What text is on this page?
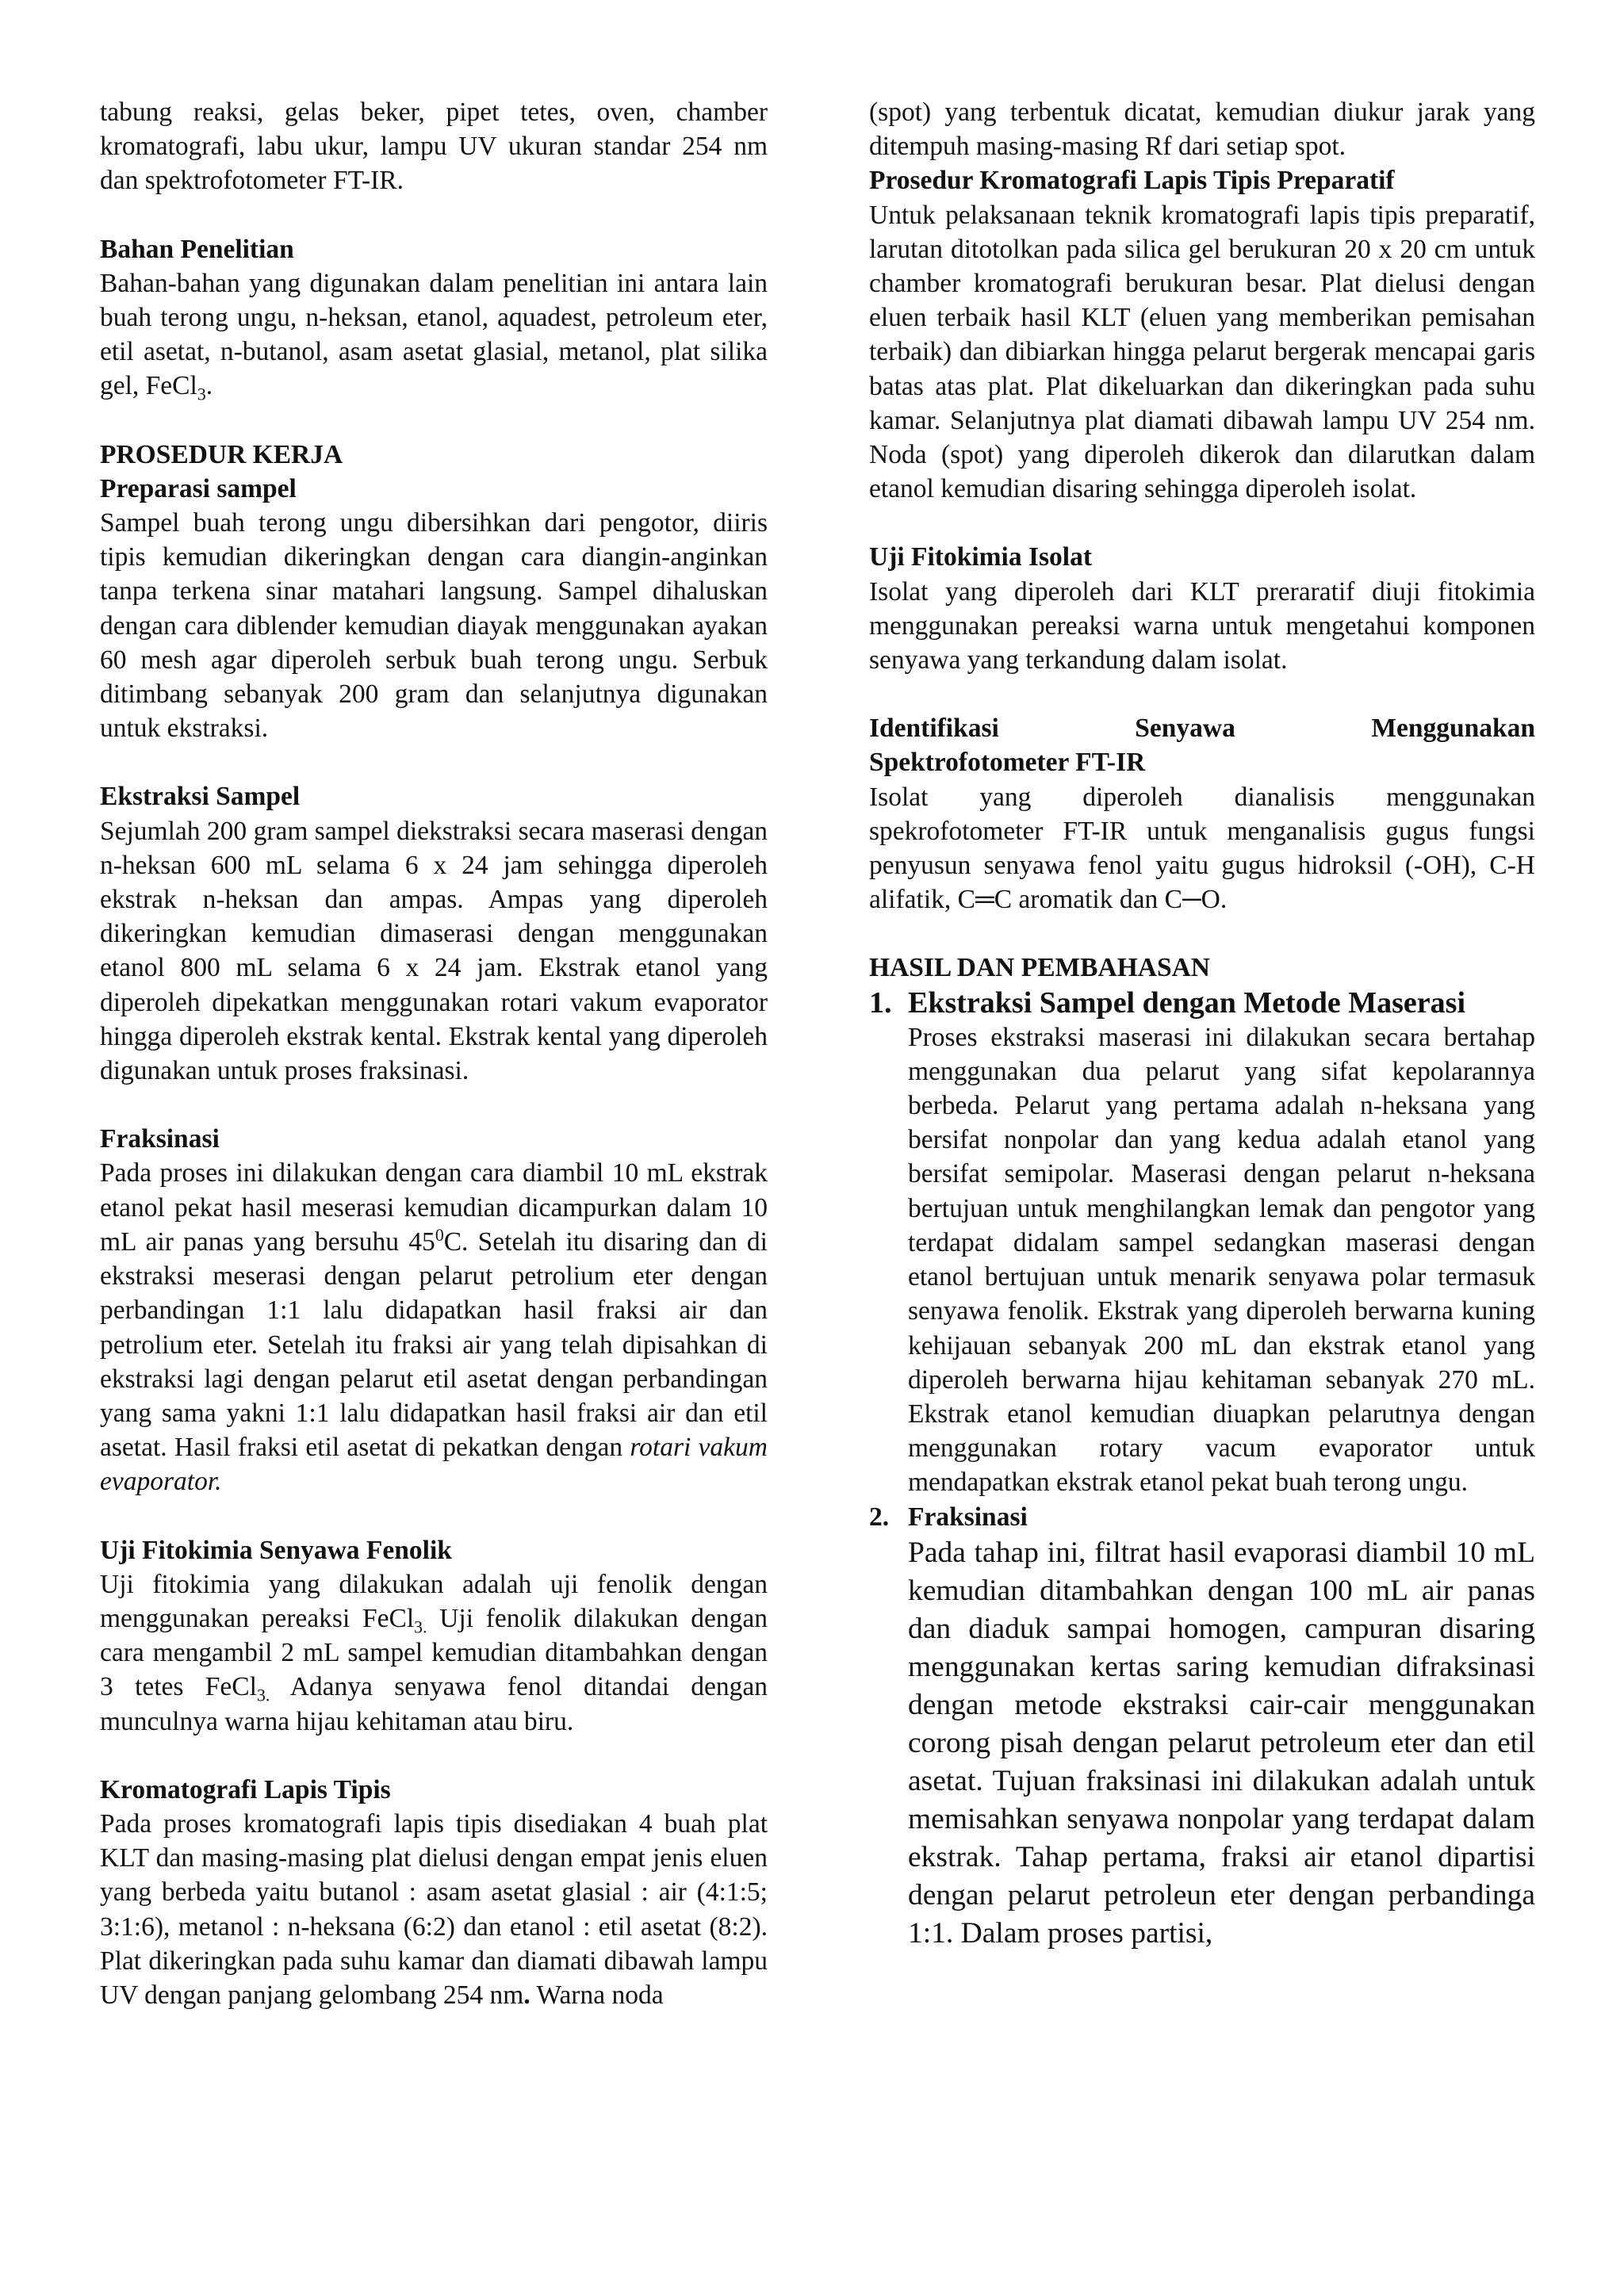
tabung reaksi, gelas beker, pipet tetes, oven, chamber kromatografi, labu ukur, lampu UV ukuran standar 254 nm dan spektrofotometer FT-IR.

Bahan Penelitian

Bahan-bahan yang digunakan dalam penelitian ini antara lain buah terong ungu, n-heksan, etanol, aquadest, petroleum eter, etil asetat, n-butanol, asam asetat glasial, metanol, plat silika gel, FeCl$_3$.

PROSEDUR KERJA
Preparasi sampel

Sampel buah terong ungu dibersihkan dari pengotor, diiris tipis kemudian dikeringkan dengan cara diangin-anginkan tanpa terkena sinar matahari langsung. Sampel dihaluskan dengan cara diblender kemudian diayak menggunakan ayakan 60 mesh agar diperoleh serbuk buah terong ungu. Serbuk ditimbang sebanyak 200 gram dan selanjutnya digunakan untuk ekstraksi.

Ekstraksi Sampel

Sejumlah 200 gram sampel diekstraksi secara maserasi dengan n-heksan 600 mL selama 6 x 24 jam sehingga diperoleh ekstrak n-heksan dan ampas. Ampas yang diperoleh dikeringkan kemudian dimaserasi dengan menggunakan etanol 800 mL selama 6 x 24 jam. Ekstrak etanol yang diperoleh dipekatkan menggunakan rotari vakum evaporator hingga diperoleh ekstrak kental. Ekstrak kental yang diperoleh digunakan untuk proses fraksinasi.

Fraksinasi

Pada proses ini dilakukan dengan cara diambil 10 mL ekstrak etanol pekat hasil meserasi kemudian dicampurkan dalam 10 mL air panas yang bersuhu $45^0C$. Setelah itu disaring dan di ekstraksi meserasi dengan pelarut petrolium eter dengan perbandingan 1:1 lalu didapatkan hasil fraksi air dan petrolium eter. Setelah itu fraksi air yang telah dipisahkan di ekstraksi lagi dengan pelarut etil asetat dengan perbandingan yang sama yakni 1:1 lalu didapatkan hasil fraksi air dan etil asetat. Hasil fraksi etil asetat di pekatkan dengan rotari vakum evaporator.

Uji Fitokimia Senyawa Fenolik

Uji fitokimia yang dilakukan adalah uji fenolik dengan menggunakan pereaksi FeCl$_{3.}$ Uji fenolik dilakukan dengan cara mengambil 2 mL sampel kemudian ditambahkan dengan 3 tetes FeCl$_{3.}$ Adanya senyawa fenol ditandai dengan munculnya warna hijau kehitaman atau biru.

Kromatografi Lapis Tipis

Pada proses kromatografi lapis tipis disediakan 4 buah plat KLT dan masing-masing plat dielusi dengan empat jenis eluen yang berbeda yaitu butanol : asam asetat glasial : air (4:1:5; 3:1:6), metanol : n-heksana (6:2) dan etanol : etil asetat (8:2). Plat dikeringkan pada suhu kamar dan diamati dibawah lampu UV dengan panjang gelombang 254 nm. Warna noda

(spot) yang terbentuk dicatat, kemudian diukur jarak yang ditempuh masing-masing Rf dari setiap spot.

Prosedur Kromatografi Lapis Tipis Preparatif

Untuk pelaksanaan teknik kromatografi lapis tipis preparatif, larutan ditotolkan pada silica gel berukuran 20 x 20 cm untuk chamber kromatografi berukuran besar. Plat dielusi dengan eluen terbaik hasil KLT (eluen yang memberikan pemisahan terbaik) dan dibiarkan hingga pelarut bergerak mencapai garis batas atas plat. Plat dikeluarkan dan dikeringkan pada suhu kamar. Selanjutnya plat diamati dibawah lampu UV 254 nm. Noda (spot) yang diperoleh dikerok dan dilarutkan dalam etanol kemudian disaring sehingga diperoleh isolat.

Uji Fitokimia Isolat

Isolat yang diperoleh dari KLT preraratif diuji fitokimia menggunakan pereaksi warna untuk mengetahui komponen senyawa yang terkandung dalam isolat.

Identifikasi Senyawa Menggunakan
Spektrofotometer FT-IR

Isolat yang diperoleh dianalisis menggunakan spekrofotometer FT-IR untuk menganalisis gugus fungsi penyusun senyawa fenol yaitu gugus hidroksil (-OH), C-H alifatik, C═C aromatik dan C─O.

HASIL DAN PEMBAHASAN
1. Ekstraksi Sampel dengan Metode Maserasi

Proses ekstraksi maserasi ini dilakukan secara bertahap menggunakan dua pelarut yang sifat kepolarannya berbeda. Pelarut yang pertama adalah n-heksana yang bersifat nonpolar dan yang kedua adalah etanol yang bersifat semipolar. Maserasi dengan pelarut n-heksana bertujuan untuk menghilangkan lemak dan pengotor yang terdapat didalam sampel sedangkan maserasi dengan etanol bertujuan untuk menarik senyawa polar termasuk senyawa fenolik. Ekstrak yang diperoleh berwarna kuning kehijauan sebanyak 200 mL dan ekstrak etanol yang diperoleh berwarna hijau kehitaman sebanyak 270 mL. Ekstrak etanol kemudian diuapkan pelarutnya dengan menggunakan rotary vacum evaporator untuk mendapatkan ekstrak etanol pekat buah terong ungu.

2. Fraksinasi

Pada tahap ini, filtrat hasil evaporasi diambil 10 mL kemudian ditambahkan dengan 100 mL air panas dan diaduk sampai homogen, campuran disaring menggunakan kertas saring kemudian difraksinasi dengan metode ekstraksi cair-cair menggunakan corong pisah dengan pelarut petroleum eter dan etil asetat. Tujuan fraksinasi ini dilakukan adalah untuk memisahkan senyawa nonpolar yang terdapat dalam ekstrak. Tahap pertama, fraksi air etanol dipartisi dengan pelarut petroleun eter dengan perbandinga 1:1. Dalam proses partisi,
